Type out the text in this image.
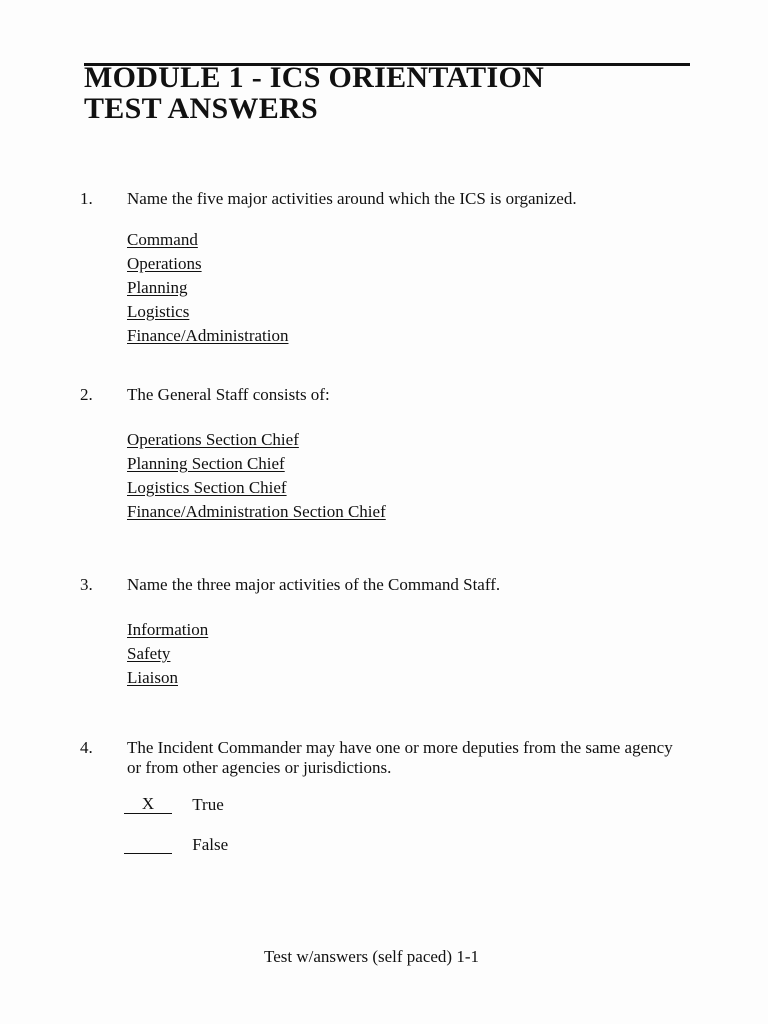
MODULE 1 - ICS ORIENTATION
TEST ANSWERS
1.	Name the five major activities around which the ICS is organized.
Command
Operations
Planning
Logistics
Finance/Administration
2.	The General Staff consists of:
Operations Section Chief
Planning Section Chief
Logistics Section Chief
Finance/Administration Section Chief
3.	Name the three major activities of the Command Staff.
Information
Safety
Liaison
4.	The Incident Commander may have one or more deputies from the same agency or from other agencies or jurisdictions.
X True
False
Test w/answers (self paced) 1-1
